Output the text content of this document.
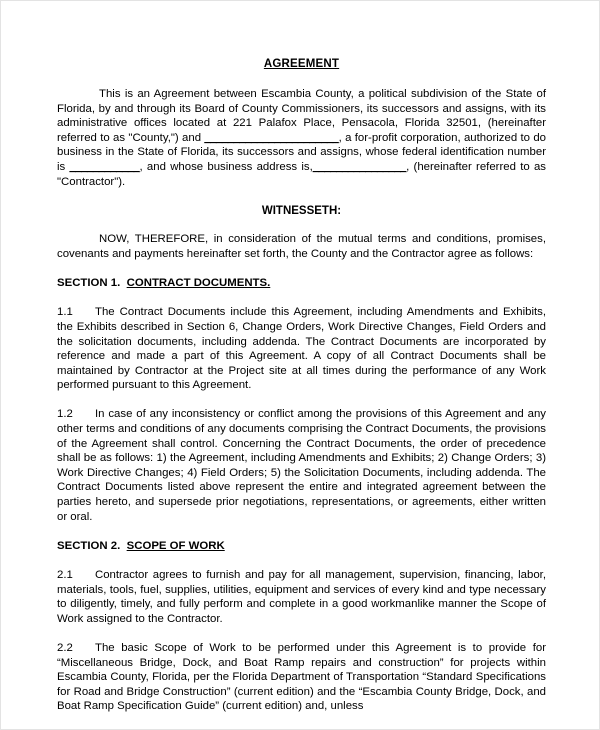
AGREEMENT

This is an Agreement between Escambia County, a political subdivision of the State of Florida, by and through its Board of County Commissioners, its successors and assigns, with its administrative offices located at 221 Palafox Place, Pensacola, Florida 32501, (hereinafter referred to as "County,") and _______________________, a for-profit corporation, authorized to do business in the State of Florida, its successors and assigns, whose federal identification number is ____________, and whose business address is,________________, (hereinafter referred to as "Contractor").

WITNESSETH:

NOW, THEREFORE, in consideration of the mutual terms and conditions, promises, covenants and payments hereinafter set forth, the County and the Contractor agree as follows:

SECTION 1. CONTRACT DOCUMENTS.

1.1 The Contract Documents include this Agreement, including Amendments and Exhibits, the Exhibits described in Section 6, Change Orders, Work Directive Changes, Field Orders and the solicitation documents, including addenda. The Contract Documents are incorporated by reference and made a part of this Agreement. A copy of all Contract Documents shall be maintained by Contractor at the Project site at all times during the performance of any Work performed pursuant to this Agreement.

1.2 In case of any inconsistency or conflict among the provisions of this Agreement and any other terms and conditions of any documents comprising the Contract Documents, the provisions of the Agreement shall control. Concerning the Contract Documents, the order of precedence shall be as follows: 1) the Agreement, including Amendments and Exhibits; 2) Change Orders; 3) Work Directive Changes; 4) Field Orders; 5) the Solicitation Documents, including addenda. The Contract Documents listed above represent the entire and integrated agreement between the parties hereto, and supersede prior negotiations, representations, or agreements, either written or oral.

SECTION 2. SCOPE OF WORK

2.1 Contractor agrees to furnish and pay for all management, supervision, financing, labor, materials, tools, fuel, supplies, utilities, equipment and services of every kind and type necessary to diligently, timely, and fully perform and complete in a good workmanlike manner the Scope of Work assigned to the Contractor.

2.2 The basic Scope of Work to be performed under this Agreement is to provide for “Miscellaneous Bridge, Dock, and Boat Ramp repairs and construction” for projects within Escambia County, Florida, per the Florida Department of Transportation “Standard Specifications for Road and Bridge Construction” (current edition) and the “Escambia County Bridge, Dock, and Boat Ramp Specification Guide” (current edition) and, unless
